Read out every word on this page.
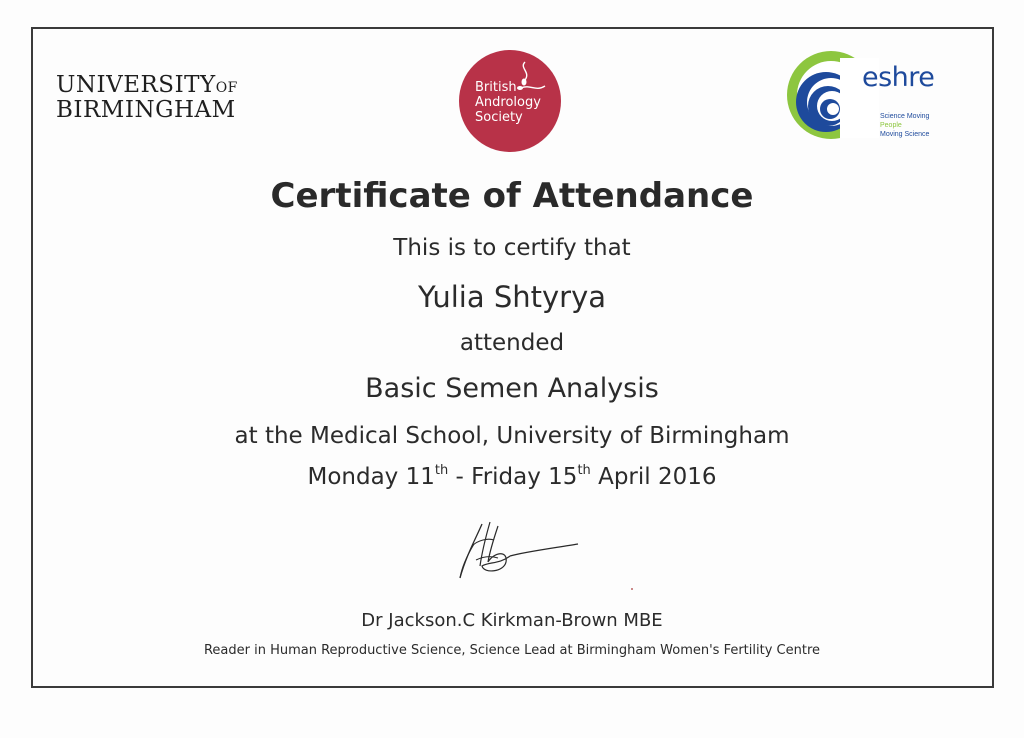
UNIVERSITYOF
BIRMINGHAM
British
Andrology
Society
eshre
Science Moving
People
Moving Science
Certificate of Attendance
This is to certify that
Yulia Shtyrya
attended
Basic Semen Analysis
at the Medical School, University of Birmingham
Monday 11th - Friday 15th April 2016
Dr Jackson.C Kirkman-Brown MBE
Reader in Human Reproductive Science, Science Lead at Birmingham Women's Fertility Centre
